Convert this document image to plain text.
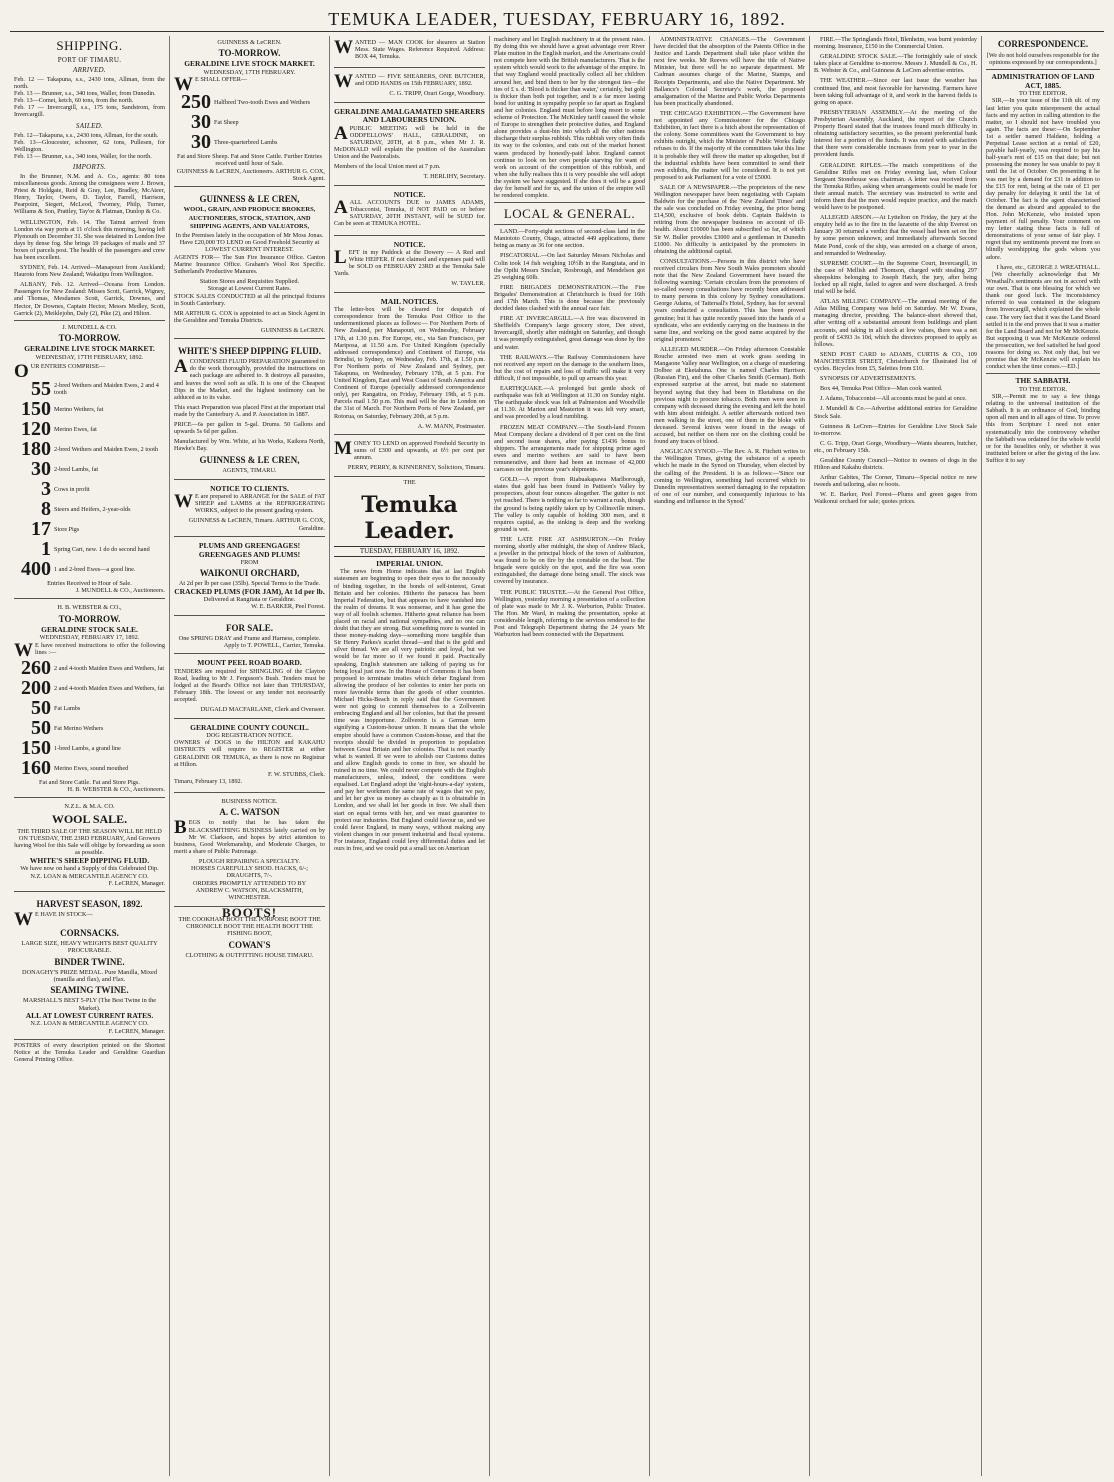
TEMUKA LEADER, TUESDAY, FEBRUARY 16, 1892.
SHIPPING.
PORT OF TIMARU.
ARRIVED.
Feb. 12 — Takapuna, s.s., 2430 tons, Allman, from the north.
Feb. 13 — Brunner, s.s., 340 tons, Waller, from Dunedin.
Feb. 13—Comet, ketch, 60 tons, from the north.
Feb. 17 — Invercargill, s.s., 175 tons, Sandstrom, from Invercargill.
SAILED.
Feb. 12—Takapuna, s.s., 2430 tons, Allman, for the south.
Feb. 13—Gloucester, schooner, 62 tons, Pullesen, for Wellington.
Feb. 13 — Brunner, s.s., 340 tons, Waller, for the north.
IMPORTS.
In the Brunner, N.M. and A. Co., agents: 80 tons miscellaneous goods. Among the consignees were J. Brown, Priest & Holdgate, Reid & Gray, Lee, Bradley, McAteer, Henry, Taylor, Owers, D. Taylor, Farrell, Harrison, Pearpoint, Siegert, McLeod, Twomey, Philp, Turner, Williams & Son, Prattley, Tay'or & Flatman, Dunlop & Co.
WELLINGTON, Feb. 14. The Tainui arrived from London via way ports at 11 o'clock this morning, having left Plymouth on December 31. She was detained in London five days by dense fog. She brings 19 packages of mails and 37 boxes of parcels post. The health of the passengers and crew has been excellent.
SYDNEY, Feb. 14. Arrived—Manapouri from Auckland; Hauroto from New Zealand; Wakatipu from Wellington.
ALBANY, Feb. 12. Arrived—Oceana from London. Passengers for New Zealand: Misses Scott, Garrick, Wigney, and Thomas, Mesdames Scott, Garrick, Downes, and Hector, Dr Downes, Captain Hector, Messrs Medley, Scott, Garrick (2), Meiklejohn, Daly (2), Pike (2), and Hilton.
J. MUNDELL & CO.
TO-MORROW.
GERALDINE LIVE STOCK MARKET.
WEDNESDAY, 17TH FEBRUARY, 1892.
OUR ENTRIES COMPRISE—
55 2-bred Wethers and Maiden Ewes, 2 and 4 tooth
150 Merino Wethers, fat
120 Merino Ewes, fat
180 2-bred Wethers and Maiden Ewes, 2 tooth
30 2-bred Lambs, fat
3 Cows in profit
8 Steers and Heifers, 2-year-olds
17 Store Pigs
1 Spring Cart, new. 1 do do second hand
400 1 and 2-bred Ewes—a good line.
Entries Received to Hour of Sale.
J. MUNDELL & CO., Auctioneers.
H. B. WEBSTER & CO.,
TO-MORROW.
GERALDINE STOCK SALE.
WEDNESDAY, FEBRUARY 17, 1892.
W E have received instructions to offer the following lines :—
260 2 and 4-tooth Maiden Ewes and Wethers, fat
200 2 and 4-tooth Maiden Ewes and Wethers, fat
50 Fat Lambs
50 Fat Merino Wethers
150 1-bred Lambs, a grand line
160 Merino Ewes, sound mouthed
Fat and Store Cattle. Fat and Store Pigs.
H. B. WEBSTER & CO., Auctioneers.
N.Z.L. & M.A. CO.
WOOL SALE.
THE THIRD SALE OF THE SEASON WILL BE HELD ON TUESDAY, THE 23RD FEBRUARY, And Growers having Wool for this Sale will oblige by forwarding as soon as possible.
WHITE'S SHEEP DIPPING FLUID.
We have now on hand a Supply of this Celebrated Dip.
N.Z. LOAN & MERCANTILE AGENCY CO.
F. LeCREN, Manager.
HARVEST SEASON, 1892.
W E HAVE IN STOCK—
CORNSACKS.
LARGE SIZE, HEAVY WEIGHTS BEST QUALITY PROCURABLE.
BINDER TWINE.
DONAGHY'S PRIZE MEDAL. Pure Manilla, Mixed (manilla and flax), and Flax.
SEAMING TWINE.
MARSHALL'S BEST 5-PLY (The Best Twine in the Market).
ALL AT LOWEST CURRENT RATES.
N.Z. LOAN & MERCANTILE AGENCY CO.
F. LeCREN, Manager.
POSTERS of every description printed on the Shortest Notice at the Temuka Leader and Geraldine Guardian General Printing Office.
GUINNESS & LeCREN.
TO-MORROW.
GERALDINE LIVE STOCK MARKET.
WEDNESDAY, 17TH FEBRUARY.
W E SHALL OFFER—
250 Halfbred Two-tooth Ewes and Wethers
30 Fat Sheep
30 Three-quarterbred Lambs
Fat and Store Sheep. Fat and Store Cattle. Further Entries received until hour of Sale.
GUINNESS & LeCREN, Auctioneers. ARTHUR G. COX, Stock Agent.
GUINNESS & LE CREN,
WOOL, GRAIN, AND PRODUCE BROKERS, AUCTIONEERS, STOCK, STATION, AND SHIPPING AGENTS, AND VALUATORS,
In the Premises lately in the occupation of Mr Moss Jonas.
Have £20,000 TO LEND on Good Freehold Security at LOWEST CURRENT INTEREST.
AGENTS FOR— The Sun Fire Insurance Office. Canton Marine Insurance Office. Graham's Wool Rot Specific. Sutherland's Productive Manures.
Station Stores and Requisites Supplied.
Storage at Lowest Current Rates.
STOCK SALES CONDUCTED at all the principal fixtures in South Canterbury.
MR ARTHUR G. COX is appointed to act as Stock Agent in the Geraldine and Temuka Districts.
GUINNESS & LeCREN.
WHITE'S SHEEP DIPPING FLUID.
ACONDENSED FLUID PREPARATION guaranteed to do the work thoroughly, provided the instructions on each package are adhered to. It destroys all parasites, and leaves the wool soft as silk. It is one of the Cheapest Dips in the Market, and the highest testimony can be adduced as to its value.
This exact Preparation was placed First at the important trial made by the Canterbury A. and P. Association in 1887.
PRICE—6s per gallon in 5-gal. Drums. 50 Gallons and upwards 5s 6d per gallon.
Manufactured by Wm. White, at his Works, Kaikora North, Hawke's Bay.
GUINNESS & LE CREN,
AGENTS, TIMARU.
NOTICE TO CLIENTS.
W E are prepared to ARRANGE for the SALE of FAT SHEEP and LAMBS at the REFRIGERATING WORKS, subject to the present grading system.
GUINNESS & LeCREN, Timaru. ARTHUR G. COX, Geraldine.
PLUMS AND GREENGAGES! GREENGAGES AND PLUMS!
FROM
WAIKONUI ORCHARD,
At 2d per lb per case (35lb). Special Terms to the Trade.
CRACKED PLUMS (FOR JAM), At 1d per lb.
Delivered at Rangitata or Geraldine.
W. E. BARKER, Peel Forest.
FOR SALE.
One SPRING DRAY and Frame and Harness, complete.
Apply to T. POWELL, Carrier, Temuka.
MOUNT PEEL ROAD BOARD.
TENDERS are required for SHINGLING of the Clayton Road, leading to Mr J. Ferguson's Bush. Tenders must be lodged at the Board's Office not later than THURSDAY, February 18th. The lowest or any tender not necessarily accepted.
DUGALD MACFARLANE, Clerk and Overseer.
GERALDINE COUNTY COUNCIL.
DOG REGISTRATION NOTICE.
OWNERS of DOGS in the HILTON and KAKAHU DISTRICTS will require to REGISTER at either GERALDINE OR TEMUKA, as there is now no Registrar at Hilton.
F. W. STUBBS, Clerk.
Timaru, February 13, 1892.
BUSINESS NOTICE.
A. C. WATSON
BEGS to notify that he has taken the BLACKSMITHING BUSINESS lately carried on by Mr W. Clarkson, and hopes by strict attention to business, Good Workmanship, and Moderate Charges, to merit a share of Public Patronage.
PLOUGH REPAIRING A SPECIALTY.
HORSES CAREFULLY SHOD. HACKS, 6/-; DRAUGHTS, 7/-.
ORDERS PROMPTLY ATTENDED TO BY
ANDREW C. WATSON, BLACKSMITH, WINCHESTER.
BOOTS!
THE COOKHAM BOOT THE PORPOISE BOOT THE CHRONICLE BOOT THE HEALTH BOOT THE FISHING BOOT,
COWAN'S
CLOTHING & OUTFITTING HOUSE TIMARU.
WANTED — MAN COOK for shearers at Station Mess. State Wages. Reference Required. Address: BOX 44, Temuka.
WANTED — FIVE SHEARERS, ONE BUTCHER, and ODD HANDS on 15th FEBRUARY, 1892.
C. G. TRIPP, Orari Gorge, Woodbury.
GERALDINE AMALGAMATED SHEARERS AND LABOURERS UNION.
APUBLIC MEETING will be held in the ODDFELLOWS' HALL, GERALDINE, on SATURDAY, 20TH, at 8 p.m., when Mr J. R. McDONALD will explain the position of the Australian Union and the Pastoralists.
Members of the local Union meet at 7 p.m.
T. HERLIHY, Secretary.
NOTICE.
AALL ACCOUNTS DUE to JAMES ADAMS, Tobacconist, Temuka, if NOT PAID on or before SATURDAY, 20TH INSTANT, will be SUED for. Can be seen at TEMUKA HOTEL.
NOTICE.
LEFT in my Paddock at the Dowery — A Red and White HEIFER. If not claimed and expenses paid will be SOLD on FEBRUARY 23RD at the Temuka Sale Yards.
W. TAYLER.
MAIL NOTICES.
The letter-box will be cleared for despatch of correspondence from the Temuka Post Office to the undermentioned places as follows:— For Northern Ports of New Zealand, per Manapouri, on Wednesday, February 17th, at 1.30 p.m. For Europe, etc., via San Francisco, per Mariposa, at 11.50 a.m. For United Kingdom (specially addressed correspondence) and Continent of Europe, via Brindisi, to Sydney, on Wednesday, Feb. 17th, at 1.50 p.m. For Northern ports of New Zealand and Sydney, per Takapuna, on Wednesday, February 17th, at 5 p.m. For United Kingdom, East and West Coast of South America and Continent of Europe (specially addressed correspondence only), per Rangatira, on Friday, February 19th, at 5 p.m. Parcels mail 1.50 p.m. This mail will be due in London on the 31st of March. For Northern Ports of New Zealand, per Rotorua, on Saturday, February 20th, at 5 p.m.
A. W. MANN, Postmaster.
MONEY TO LEND on approved Freehold Security in sums of £300 and upwards, at 6½ per cent per annum.
PERRY, PERRY, & KINNERNEY, Solicitors, Timaru.
THE
Temuka Leader.
TUESDAY, FEBRUARY 16, 1892.
IMPERIAL UNION.
The news from Home indicates that at last English statesmen are beginning to open their eyes to the necessity of binding together, in the bonds of self-interest, Great Britain and her colonies. Hitherto the panacea has been Imperial Federation, but that appears to have vanished into the realm of dreams. It was nonsense, and it has gone the way of all foolish schemes. Hitherto great reliance has been placed on racial and national sympathies, and no one can doubt that they are strong. But something more is wanted in these money-making days—something more tangible than Sir Henry Parkes's scarlet thread—and that is the gold and silver thread. We are all very patriotic and loyal, but we would be far more so if we found it paid. Practically speaking, English statesmen are talking of paying us for being loyal just now. In the House of Commons it has been proposed to terminate treaties which debar England from allowing the produce of her colonies to enter her ports on more favorable terms than the goods of other countries. Michael Hicks-Beach in reply said that the Government were not going to commit themselves to a Zollverein embracing England and all her colonies, but that the present time was inopportune. Zollverein is a German term signifying a Custom-house union. It means that the whole empire should have a common Custom-house, and that the receipts should be divided in proportion to population between Great Britain and her colonies. That is not exactly what is wanted. If we were to abolish our Customs duties and allow English goods to come in free, we should be ruined in no time. We could never compete with the English manufacturers, unless, indeed, the conditions were equalised. Let England adopt the 'eight-hours-a-day' system, and pay her workmen the same rate of wages that we pay, and let her give us money as cheaply as it is obtainable in London, and we shall let her goods in free. We shall then start on equal terms with her, and we must guarantee to protect our industries. But England could favour us, and we could favor England, in many ways, without making any violent changes in our present industrial and fiscal systems. For instance, England could levy differential duties and let ours in free, and we could put a small tax on American
machinery and let English machinery in at the present rates. By doing this we should have a great advantage over River Plate mutton in the English market, and the Americans could not compete here with the British manufacturers. That is the system which would work to the advantage of the empire. In that way England would practically collect all her children around her, and bind them to her by the strongest ties—the ties of £ s. d. 'Blood is thicker than water,' certainly, but gold is thicker than both put together, and is a far more lasting bond for uniting in sympathy people so far apart as England and her colonies. England must before long resort to some scheme of Protection. The McKinley tariff caused the whole of Europe to strengthen their protective duties, and England alone provides a dust-bin into which all the other nations discharge their surplus rubbish. This rubbish very often finds its way to the colonies, and cuts out of the market honest wares produced by honestly-paid labor. England cannot continue to look on her own people starving for want of work on account of the competition of this rubbish, and when she fully realises this it is very possible she will adopt the system we have suggested. If she does it will be a good day for herself and for us, and the union of the empire will be rendered complete.
LOCAL & GENERAL.
LAND.—Forty-eight sections of second-class land in the Maniototo County, Otago, attracted 449 applications, there being as many as 36 for one section.
PISCATORIAL.—On last Saturday Messrs Nicholas and Colin took 14 fish weighing 10½lb in the Rangitata, and in the Opihi Messrs Sinclair, Rosbrough, and Mendelson got 25 weighing 60lb.
FIRE BRIGADES DEMONSTRATION.—The Fire Brigades' Demonstration at Christchurch is fixed for 16th and 17th March. This is done because the previously decided dates clashed with the annual race fair.
FIRE AT INVERCARGILL.—A fire was discovered in Sheffield's Company's large grocery store, Dee street, Invercargill, shortly after midnight on Saturday, and though it was promptly extinguished, great damage was done by fire and water.
THE RAILWAYS.—The Railway Commissioners have not received any report on the damage to the southern lines, but the cost of repairs and loss of traffic will make it very difficult, if not impossible, to pull up arrears this year.
EARTHQUAKE.—A prolonged but gentle shock of earthquake was felt at Wellington at 11.30 on Sunday night. The earthquake shock was felt at Palmerston and Woodville at 11.30. At Marton and Masterton it was felt very smart, and was preceded by a loud rumbling.
FROZEN MEAT COMPANY.—The South-land Frozen Meat Company declare a dividend of 8 per cent on the first and second issue shares, after paying £1436 bonus to shippers. The arrangements made for shipping prime aged ewes and merino wethers are said to have been remunerative, and there had been an increase of 42,000 carcases on the previous year's shipments.
GOLD.—A report from Riabuakapawa Marlborough, states that gold has been found in Pattison's Valley by prospectors, about four ounces altogether. The gutter is not yet reached. There is nothing so far to warrant a rush, though the ground is being rapidly taken up by Collinsville miners. The valley is only capable of holding 300 men, and it requires capital, as the sinking is deep and the working ground is wet.
THE LATE FIRE AT ASHBURTON.—On Friday morning, shortly after midnight, the shop of Andrew Black, a jeweller in the principal block of the town of Ashburton, was found to be on fire by the constable on the beat. The brigade were quickly on the spot, and the fire was soon extinguished, the damage done being small. The stock was covered by insurance.
THE PUBLIC TRUSTEE.—At the General Post Office, Wellington, yesterday morning a presentation of a collection of plate was made to Mr J. K. Warburton, Public Trustee. The Hon. Mr Ward, in making the presentation, spoke at considerable length, referring to the services rendered to the Post and Telegraph Department during the 24 years Mr Warburton had been connected with the Department.
ADMINISTRATIVE CHANGES.—The Government have decided that the absorption of the Patents Office in the Justice and Lands Department shall take place within the next few weeks. Mr Reeves will have the title of Native Minister, but there will be no separate department. Mr Cadman assumes charge of the Marine, Stamps, and Receipts Departments, and also the Native Department. Mr Ballance's Colonial Secretary's work, the proposed amalgamation of the Marine and Public Works Departments has been practically abandoned.
THE CHICAGO EXHIBITION.—The Government have not appointed any Commissioner for the Chicago Exhibition, in fact there is a hitch about the representation of the colony. Some committees want the Government to buy exhibits outright, which the Minister of Public Works flatly refuses to do. If the majority of the committees take this line it is probable they will throw the matter up altogether, but if the industrial exhibits have been committed to send their own exhibits, the matter will be considered. It is not yet proposed to ask Parliament for a vote of £5000.
SALE OF A NEWSPAPER.—The proprietors of the new Wellington newspaper have been negotiating with Captain Baldwin for the purchase of the 'New Zealand Times' and the sale was concluded on Friday evening, the price being £14,500, exclusive of book debts. Captain Baldwin is retiring from the newspaper business on account of ill-health. About £10000 has been subscribed so far, of which Sir W. Buller provides £3000 and a gentleman in Dunedin £1000. No difficulty is anticipated by the promoters in obtaining the additional capital.
CONSULTATIONS.—Persons in this district who have received circulars from New South Wales promoters should note that the New Zealand Government have issued the following warning: 'Certain circulars from the promoters of so-called sweep consultations have recently been addressed to many persons in this colony by Sydney consultations. George Adams, of Tattersall's Hotel, Sydney, has for several years conducted a consultation. This has been proved genuine; but it has quite recently passed into the hands of a syndicate, who are evidently carrying on the business in the same line, and working on the good name acquired by the original promoters.'
ALLEGED MURDER.—On Friday afternoon Constable Rouche arrested two men at work grass seeding in Mangaone Valley near Wellington, on a charge of murdering Dolbee at Eketahuna. One is named Charles Harrison (Russian Fin), and the other Charles Smith (German). Both expressed surprise at the arrest, but made no statement beyond saying that they had been in Eketahuna on the previous night to procure tobacco. Both men were seen in company with deceased during the evening and left the hotel with him about midnight. A settler afterwards noticed two men walking in the street, one of them in the bloke with deceased. Several knives were found in the swags of accused, but neither on them nor on the clothing could be found any traces of blood.
ANGLICAN SYNOD.—The Rev. A. R. Fitchett writes to the Wellington Times, giving the substance of a speech which he made in the Synod on Thursday, when elected by the calling of the President. It is as follows:—'Since our coming to Wellington, something had occurred which to Dunedin representatives seemed damaging to the reputation of one of our number, and consequently injurious to his standing and influence in the Synod.'
FIRE.—The Springlands Hotel, Blenheim, was burnt yesterday morning. Insurance, £150 in the Commercial Union.
GERALDINE STOCK SALE.—The fortnightly sale of stock takes place at Geraldine to-morrow. Messrs J. Mundell & Co., H. B. Webster & Co., and Guinness & LeCren advertise entries.
THE WEATHER.—Since our last issue the weather has continued fine, and most favorable for harvesting. Farmers have been taking full advantage of it, and work in the harvest fields is going on apace.
PRESBYTERIAN ASSEMBLY.—At the meeting of the Presbyterian Assembly, Auckland, the report of the Church Property Board stated that the trustees found much difficulty in obtaining satisfactory securities, so the present preferential bank interest for a portion of the funds. It was noted with satisfaction that there were considerable increases from year to year in the provident funds.
GERALDINE RIFLES.—The match competitions of the Geraldine Rifles met on Friday evening last, when Colour Sergeant Stonehouse was chairman. A letter was received from the Temuka Rifles, asking when arrangements could be made for their annual match. The secretary was instructed to write and inform them that the men would require practice, and the match would have to be postponed.
ALLEGED ARSON.—At Lyttelton on Friday, the jury at the enquiry held as to the fire in the lazarette of the ship Everest on January 30 returned a verdict that the vessel had been set on fire by some person unknown; and immediately afterwards Second Mate Pond, cook of the ship, was arrested on a charge of arson, and remanded to Wednesday.
SUPREME COURT.—In the Supreme Court, Invercargill, in the case of Mellish and Thomson, charged with stealing 297 sheepskins belonging to Joseph Hatch, the jury, after being locked up all night, failed to agree and were discharged. A fresh trial will be held.
ATLAS MILLING COMPANY.—The annual meeting of the Atlas Milling Company was held on Saturday. Mr W. Evans, managing director, presiding. The balance-sheet showed that, after writing off a substantial amount from buildings and plant accounts, and taking in all stock at low values, there was a net profit of £4393 3s 10d, which the directors proposed to apply as follows.
SEND POST CARD to ADAMS, CURTIS & CO., 109 MANCHESTER STREET, Christchurch for Illustrated list of cycles. Bicycles from £5, Safeties from £10.
SYNOPSIS OF ADVERTISEMENTS.
Box 44, Temuka Post Office—Man cook wanted.
J. Adams, Tobacconist—All accounts must be paid at once.
J. Mundell & Co.—Advertise additional entries for Geraldine Stock Sale.
Guinness & LeCren—Entries for Geraldine Live Stock Sale to-morrow.
C. G. Tripp, Orari Gorge, Woodbury—Wants shearers, butcher, etc., on February 15th.
Geraldine County Council—Notice to owners of dogs in the Hilton and Kakahu districts.
Arthur Gabites, The Corner, Timaru—Special notice re new tweeds and tailoring, also re boots.
W. E. Barker, Peel Forest—Plums and green gages from Waikonui orchard for sale; quotes prices.
CORRESPONDENCE.
[We do not hold ourselves responsible for the opinions expressed by our correspondents.]
ADMINISTRATION OF LAND ACT, 1885.
TO THE EDITOR.
SIR,—In your issue of the 11th ult. of my last letter you quite misrepresent the actual facts and my action in calling attention to the matter, so I should not have troubled you again. The facts are these:—On September 1st a settler named Haldane, holding a Perpetual Lease section at a rental of £20, payable half-yearly, was required to pay his half-year's rent of £15 on that date; but not possessing the money he was unable to pay it until the 1st of October. On presenting it he was met by a demand for £31 in addition to the £15 for rent, being at the rate of £1 per day penalty for delaying it until the 1st of October. The fact is the agent characterised the demand as absurd and appealed to the Hon. John McKenzie, who insisted upon payment of full penalty. Your comment on my letter stating these facts is full of demonstrations of your sense of fair play. I regret that my sentiments prevent me from so blindly worshipping the gods whom you adore.
I have, etc., GEORGE J. WREATHALL.
[We cheerfully acknowledge that Mr Wreathall's sentiments are not in accord with our own. That is one blessing for which we thank our good luck. The inconsistency referred to was contained in the telegram from Invercargill, which explained the whole case. The very fact that it was the Land Board settled it in the end proves that it was a matter for the Land Board and not for Mr McKenzie. But supposing it was Mr McKenzie ordered the prosecution, we feel satisfied he had good reasons for doing so. Not only that, but we promise that Mr McKenzie will explain his conduct when the time comes.—ED.]
THE SABBATH.
TO THE EDITOR.
SIR,—Permit me to say a few things relating to the universal institution of the Sabbath. It is an ordinance of God, binding upon all men and in all ages of time. To prove this from Scripture I need not enter systematically into the controversy whether the Sabbath was ordained for the whole world or for the Israelites only, or whether it was instituted before or after the giving of the law. Suffice it to say
